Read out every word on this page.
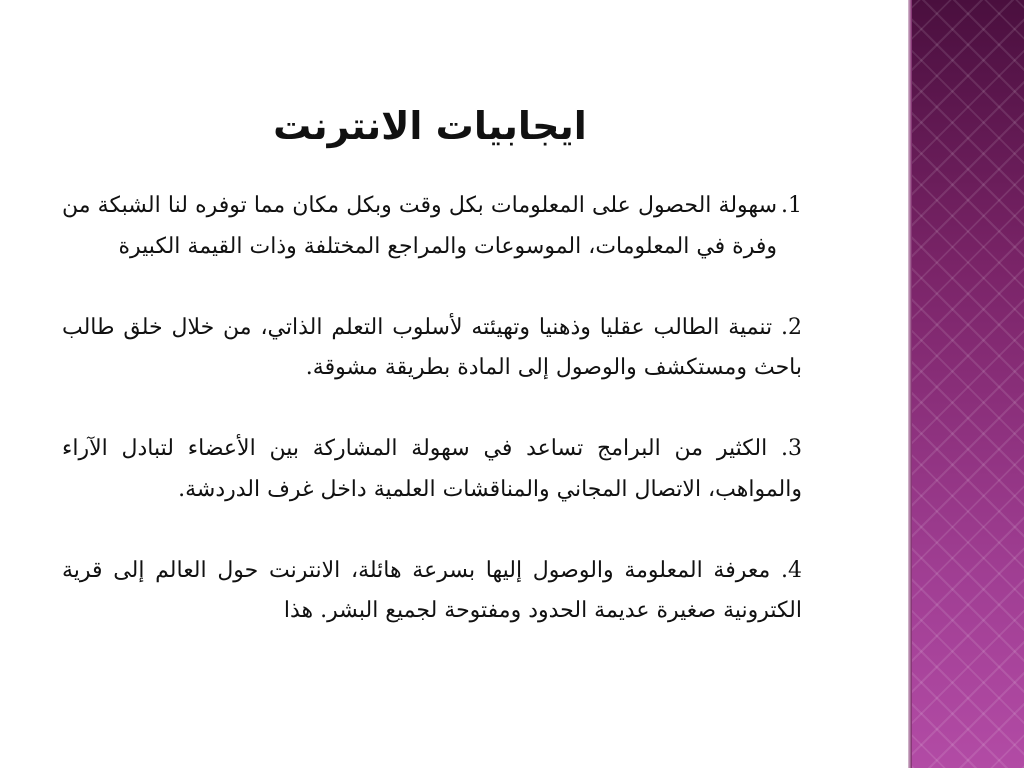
ايجابيات الانترنت

1.
سهولة الحصول على المعلومات بكل وقت وبكل مكان مما توفره لنا الشبكة من وفرة في المعلومات، الموسوعات والمراجع المختلفة وذات القيمة الكبيرة

2. تنمية الطالب عقليا وذهنيا وتهيئته لأسلوب التعلم الذاتي، من خلال خلق طالب باحث ومستكشف والوصول إلى المادة بطريقة مشوقة.

3. الكثير من البرامج تساعد في سهولة المشاركة بين الأعضاء لتبادل الآراء والمواهب، الاتصال المجاني والمناقشات العلمية داخل غرف الدردشة.

4. معرفة المعلومة والوصول إليها بسرعة هائلة، الانترنت حول العالم إلى قرية الكترونية صغيرة عديمة الحدود ومفتوحة لجميع البشر. هذا
